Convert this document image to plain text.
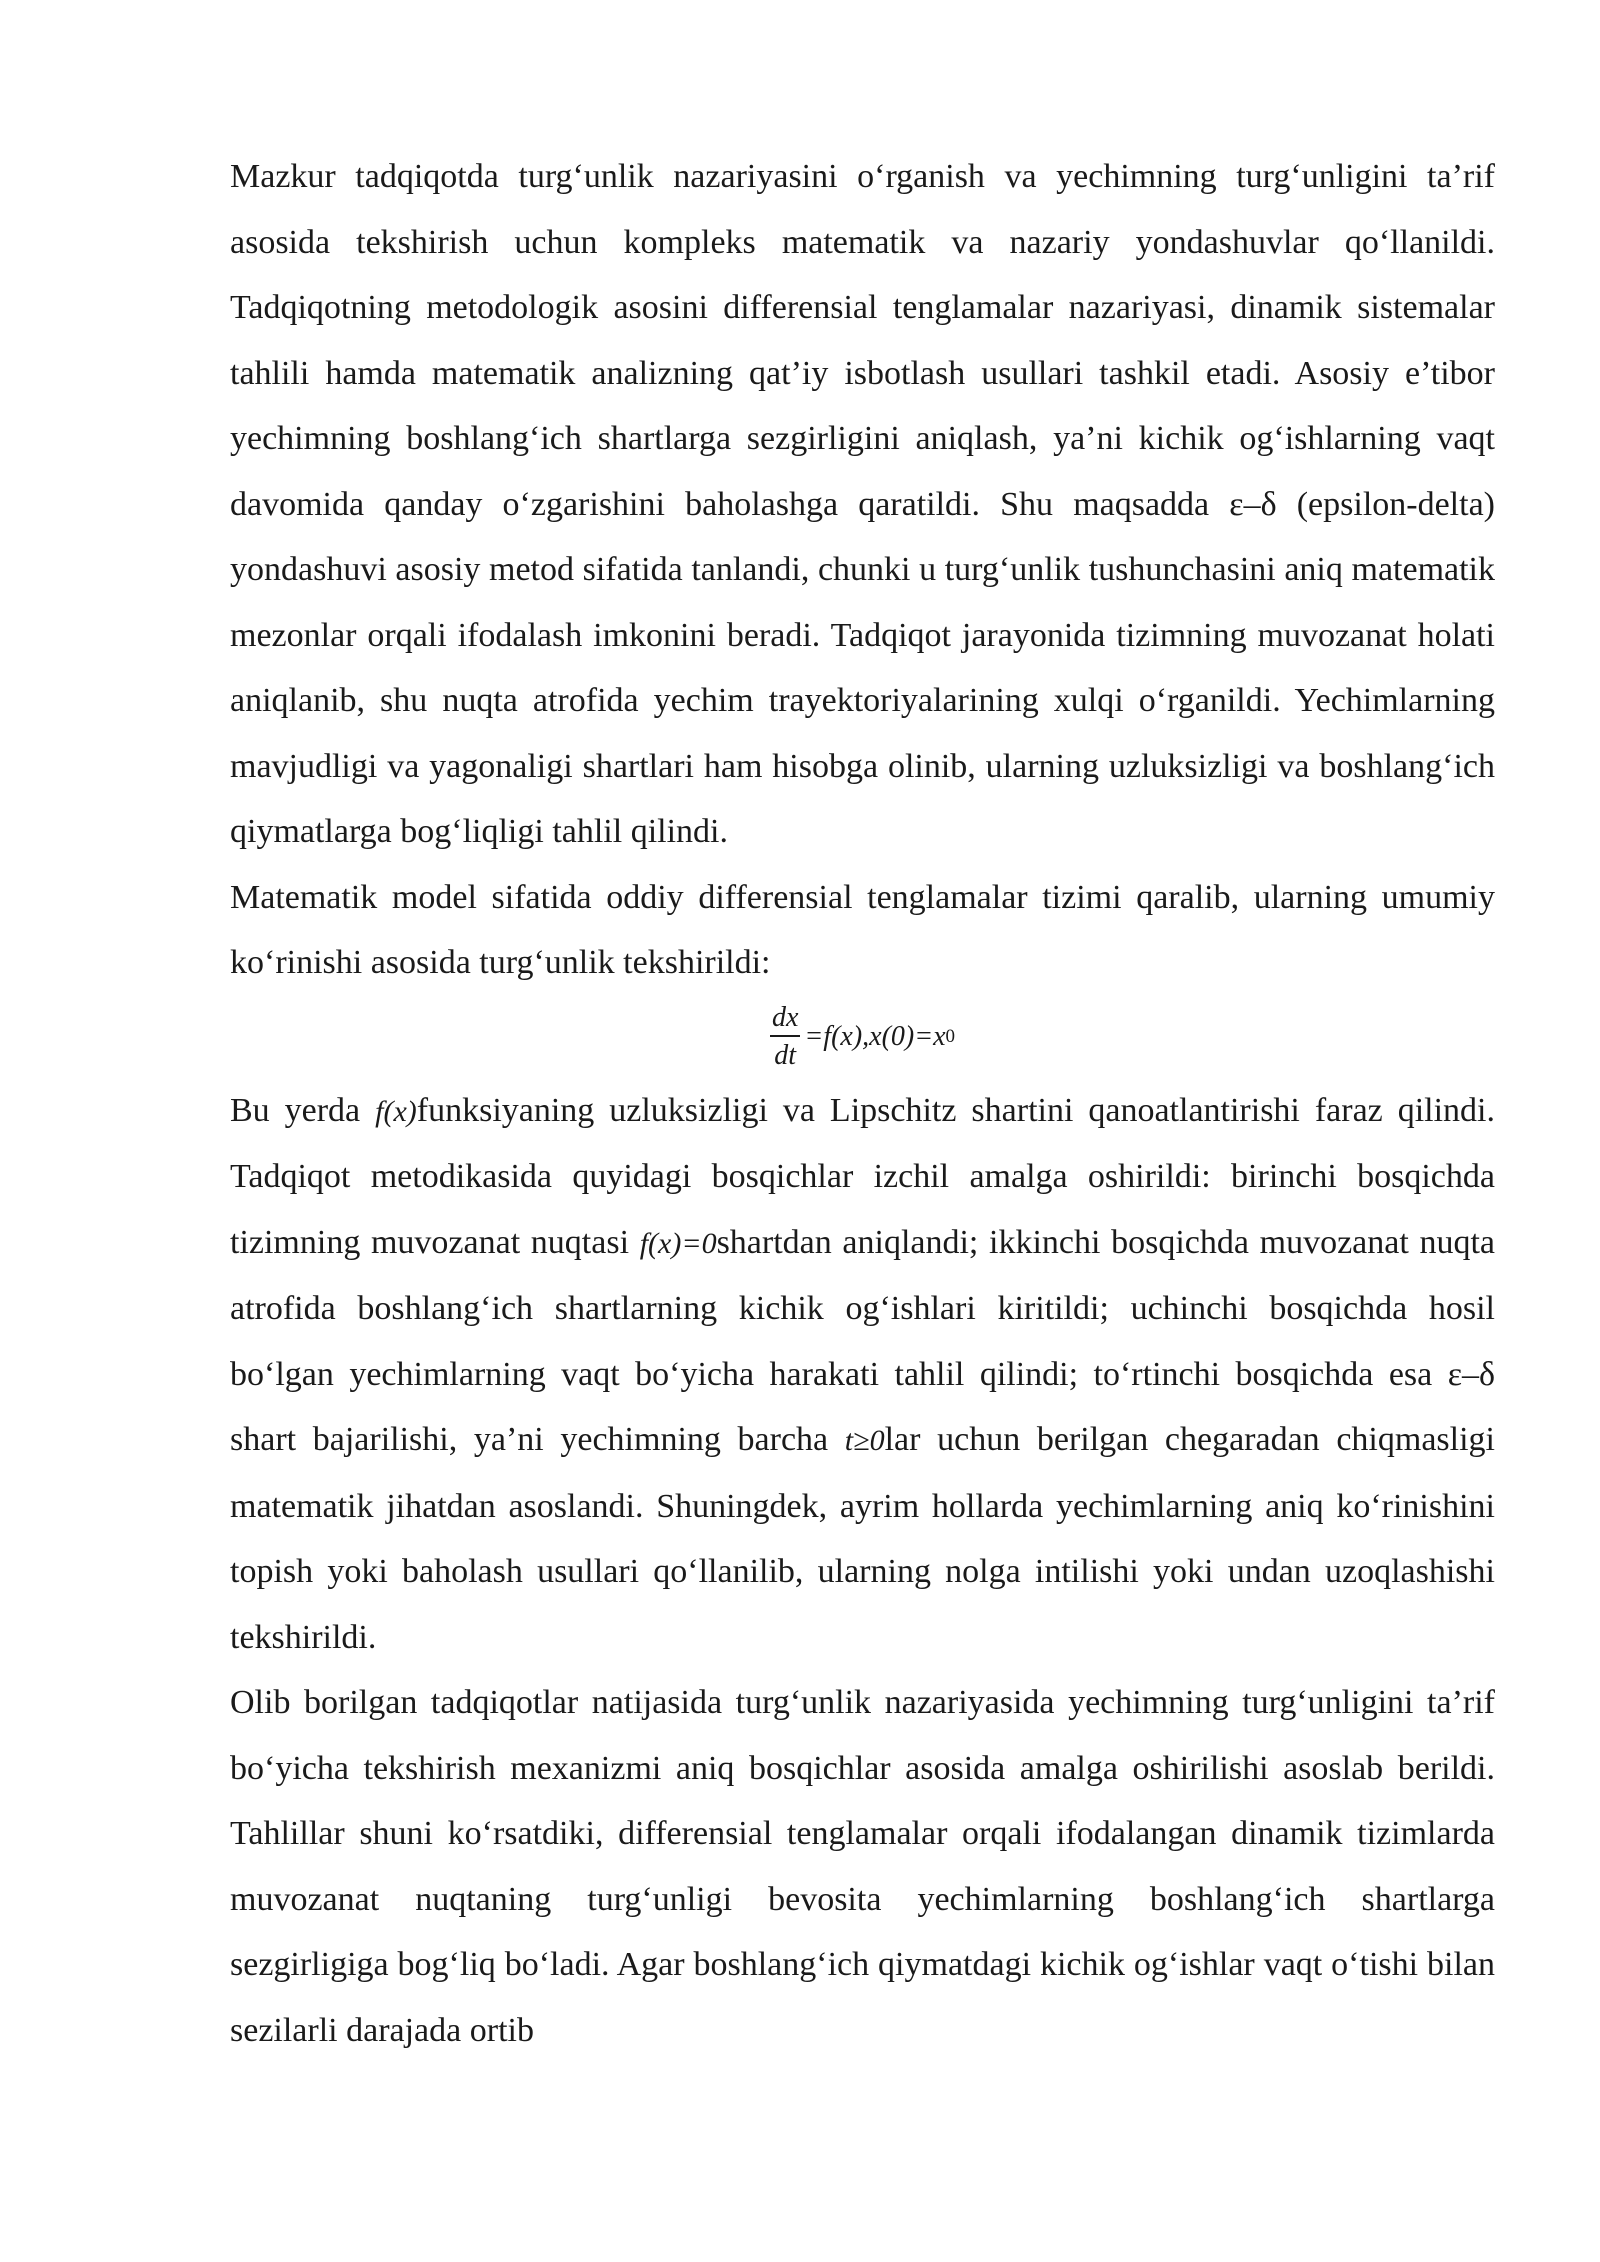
Mazkur tadqiqotda turg‘unlik nazariyasini o‘rganish va yechimning turg‘unligini ta’rif asosida tekshirish uchun kompleks matematik va nazariy yondashuvlar qo‘llanildi. Tadqiqotning metodologik asosini differensial tenglamalar nazariyasi, dinamik sistemalar tahlili hamda matematik analizning qat’iy isbotlash usullari tashkil etadi. Asosiy e’tibor yechimning boshlang‘ich shartlarga sezgirligini aniqlash, ya’ni kichik og‘ishlarning vaqt davomida qanday o‘zgarishini baholashga qaratildi. Shu maqsadda ε–δ (epsilon-delta) yondashuvi asosiy metod sifatida tanlandi, chunki u turg‘unlik tushunchasini aniq matematik mezonlar orqali ifodalash imkonini beradi. Tadqiqot jarayonida tizimning muvozanat holati aniqlanib, shu nuqta atrofida yechim trayektoriyalarining xulqi o‘rganildi. Yechimlarning mavjudligi va yagonaligi shartlari ham hisobga olinib, ularning uzluksizligi va boshlang‘ich qiymatlarga bog‘liqligi tahlil qilindi.

Matematik model sifatida oddiy differensial tenglamalar tizimi qaralib, ularning umumiy ko‘rinishi asosida turg‘unlik tekshirildi:

$\frac{dx}{dt} =f(x),x(0)=x$ 0

Bu yerda f(x)funksiyaning uzluksizligi va Lipschitz shartini qanoatlantirishi faraz qilindi. Tadqiqot metodikasida quyidagi bosqichlar izchil amalga oshirildi: birinchi bosqichda tizimning muvozanat nuqtasi f(x)=0shartdan aniqlandi; ikkinchi bosqichda muvozanat nuqta atrofida boshlang‘ich shartlarning kichik og‘ishlari kiritildi; uchinchi bosqichda hosil bo‘lgan yechimlarning vaqt bo‘yicha harakati tahlil qilindi; to‘rtinchi bosqichda esa ε–δ shart bajarilishi, ya’ni yechimning barcha t≥0lar uchun berilgan chegaradan chiqmasligi matematik jihatdan asoslandi. Shuningdek, ayrim hollarda yechimlarning aniq ko‘rinishini topish yoki baholash usullari qo‘llanilib, ularning nolga intilishi yoki undan uzoqlashishi tekshirildi.

Olib borilgan tadqiqotlar natijasida turg‘unlik nazariyasida yechimning turg‘unligini ta’rif bo‘yicha tekshirish mexanizmi aniq bosqichlar asosida amalga oshirilishi asoslab berildi. Tahlillar shuni ko‘rsatdiki, differensial tenglamalar orqali ifodalangan dinamik tizimlarda muvozanat nuqtaning turg‘unligi bevosita yechimlarning boshlang‘ich shartlarga sezgirligiga bog‘liq bo‘ladi. Agar boshlang‘ich qiymatdagi kichik og‘ishlar vaqt o‘tishi bilan sezilarli darajada ortib
